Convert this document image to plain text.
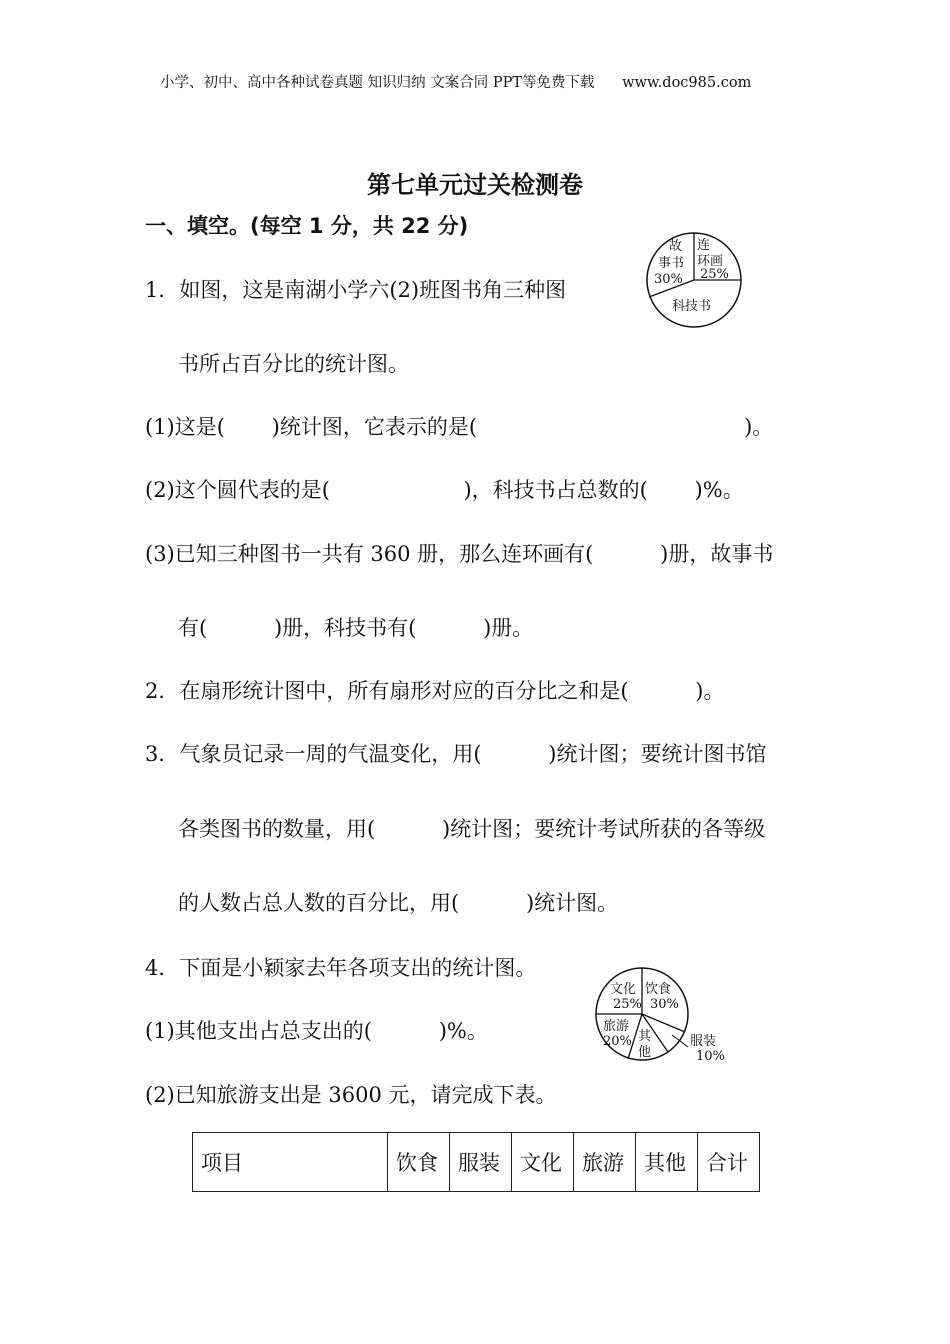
小学、初中、高中各种试卷真题 知识归纳 文案合同 PPT等免费下载 www.doc985.com
第七单元过关检测卷
一、填空。(每空 1 分，共 22 分)
1．如图，这是南湖小学六(2)班图书角三种图
书所占百分比的统计图。
(1)这是(       )统计图，它表示的是(                                        )。
(2)这个圆代表的是(                    )，科技书占总数的(       )%。
(3)已知三种图书一共有 360 册，那么连环画有(          )册，故事书
有(          )册，科技书有(          )册。
2．在扇形统计图中，所有扇形对应的百分比之和是(          )。
3．气象员记录一周的气温变化，用(          )统计图；要统计图书馆
各类图书的数量，用(          )统计图；要统计考试所获的各等级
的人数占总人数的百分比，用(          )统计图。
4．下面是小颖家去年各项支出的统计图。
(1)其他支出占总支出的(          )%。
(2)已知旅游支出是 3600 元，请完成下表。
故
事书
30%
连
环画
25%
科技书
文化
25%
饮食
30%
旅游
20% 其
他
服装
10%
项目	饮食	服装	文化	旅游	其他	合计
